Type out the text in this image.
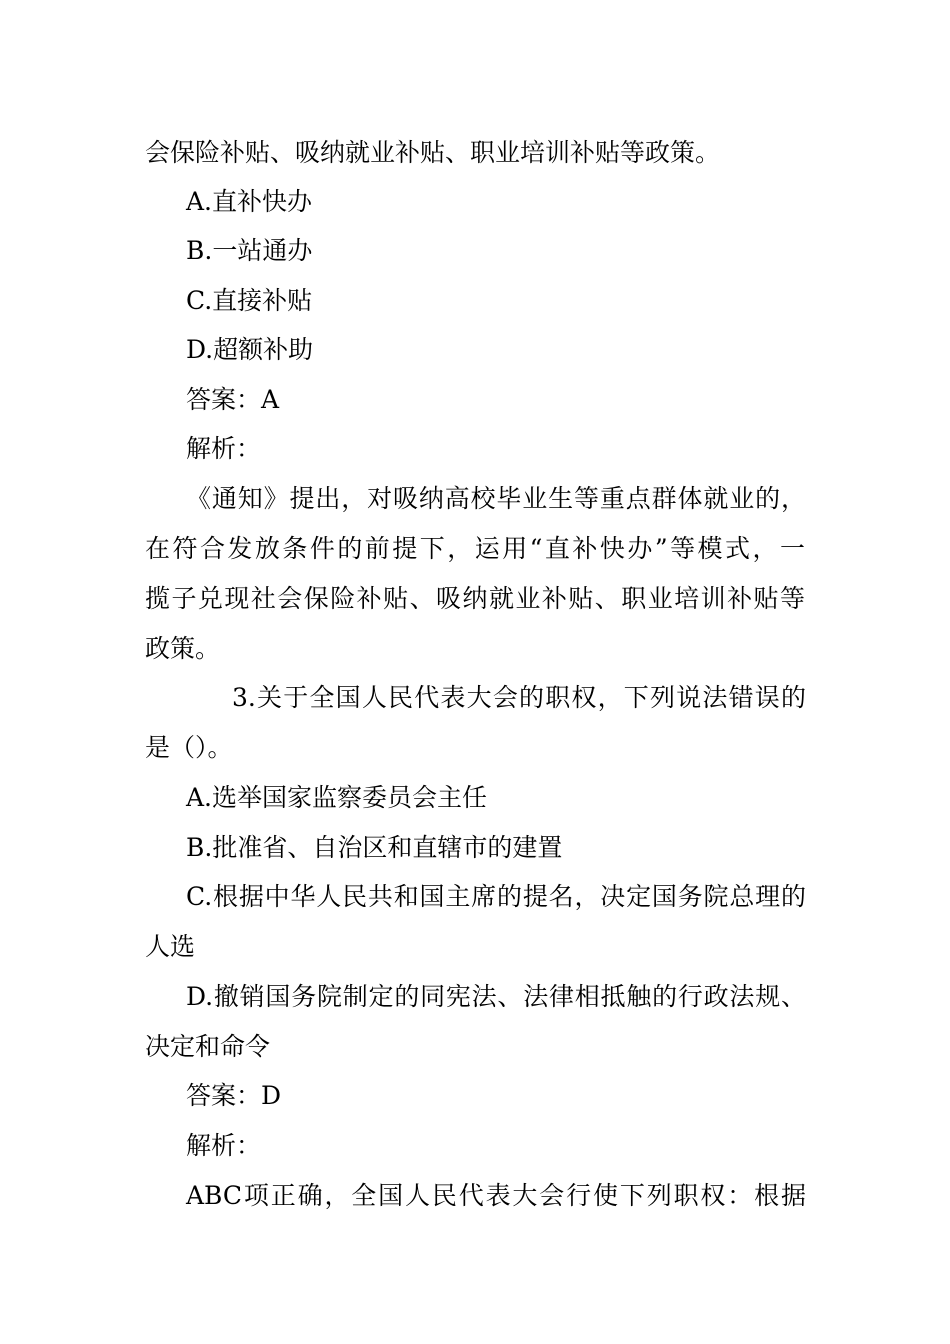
会保险补贴、吸纳就业补贴、职业培训补贴等政策。
A.直补快办
B.一站通办
C.直接补贴
D.超额补助
答案：A
解析：
《通知》提出，对吸纳高校毕业生等重点群体就业的，
在符合发放条件的前提下，运用“直补快办”等模式，一
揽子兑现社会保险补贴、吸纳就业补贴、职业培训补贴等
政策。
3.关于全国人民代表大会的职权，下列说法错误的
是（）。
A.选举国家监察委员会主任
B.批准省、自治区和直辖市的建置
C.根据中华人民共和国主席的提名，决定国务院总理的
人选
D.撤销国务院制定的同宪法、法律相抵触的行政法规、
决定和命令
答案：D
解析：
ABC项正确，全国人民代表大会行使下列职权：根据
